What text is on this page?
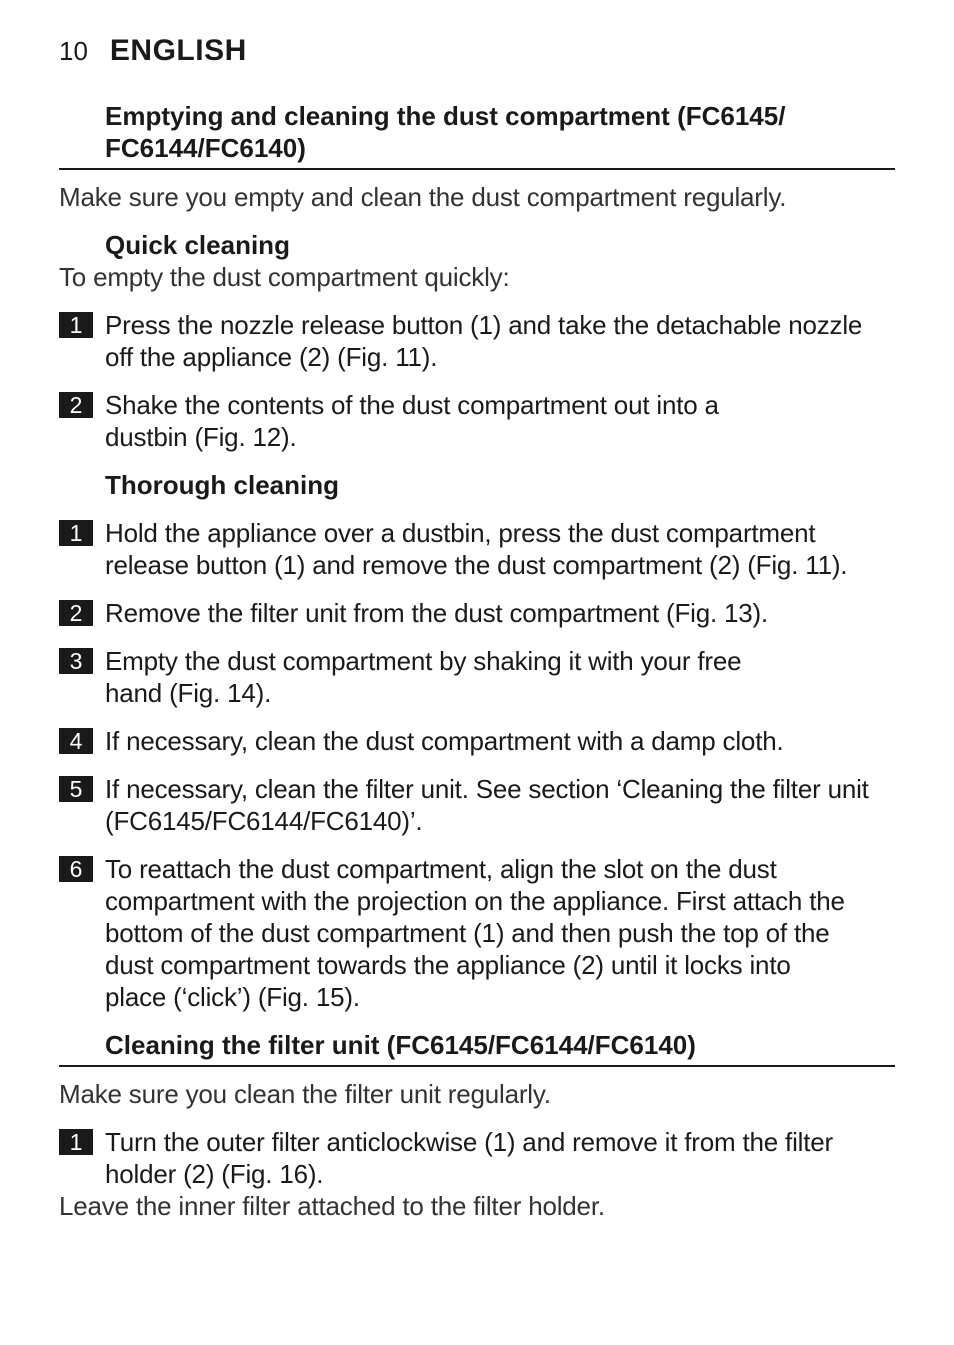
10 ENGLISH
Emptying and cleaning the dust compartment (FC6145/
FC6144/FC6140)
Make sure you empty and clean the dust compartment regularly.
Quick cleaning
To empty the dust compartment quickly:
1 Press the nozzle release button (1) and take the detachable nozzle
off the appliance (2) (Fig. 11).
2 Shake the contents of the dust compartment out into a
dustbin (Fig. 12).
Thorough cleaning
1 Hold the appliance over a dustbin, press the dust compartment
release button (1) and remove the dust compartment (2) (Fig. 11).
2 Remove the filter unit from the dust compartment (Fig. 13).
3 Empty the dust compartment by shaking it with your free
hand (Fig. 14).
4 If necessary, clean the dust compartment with a damp cloth.
5 If necessary, clean the filter unit. See section ‘Cleaning the filter unit
(FC6145/FC6144/FC6140)’.
6 To reattach the dust compartment, align the slot on the dust
compartment with the projection on the appliance. First attach the
bottom of the dust compartment (1) and then push the top of the
dust compartment towards the appliance (2) until it locks into
place (‘click’) (Fig. 15).
Cleaning the filter unit (FC6145/FC6144/FC6140)
Make sure you clean the filter unit regularly.
1 Turn the outer filter anticlockwise (1) and remove it from the filter
holder (2) (Fig. 16).
Leave the inner filter attached to the filter holder.
